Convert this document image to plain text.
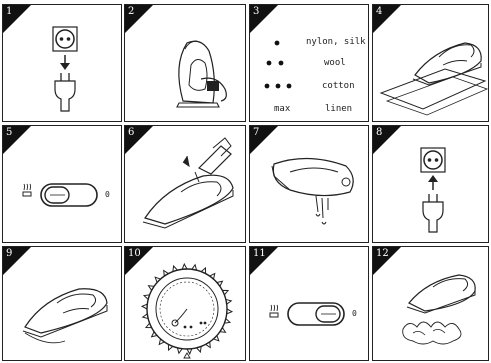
1	2	3
nylon, silk
wool
cotton
max	linen
4
5
0
6	7	8
9	10	11
0
12
